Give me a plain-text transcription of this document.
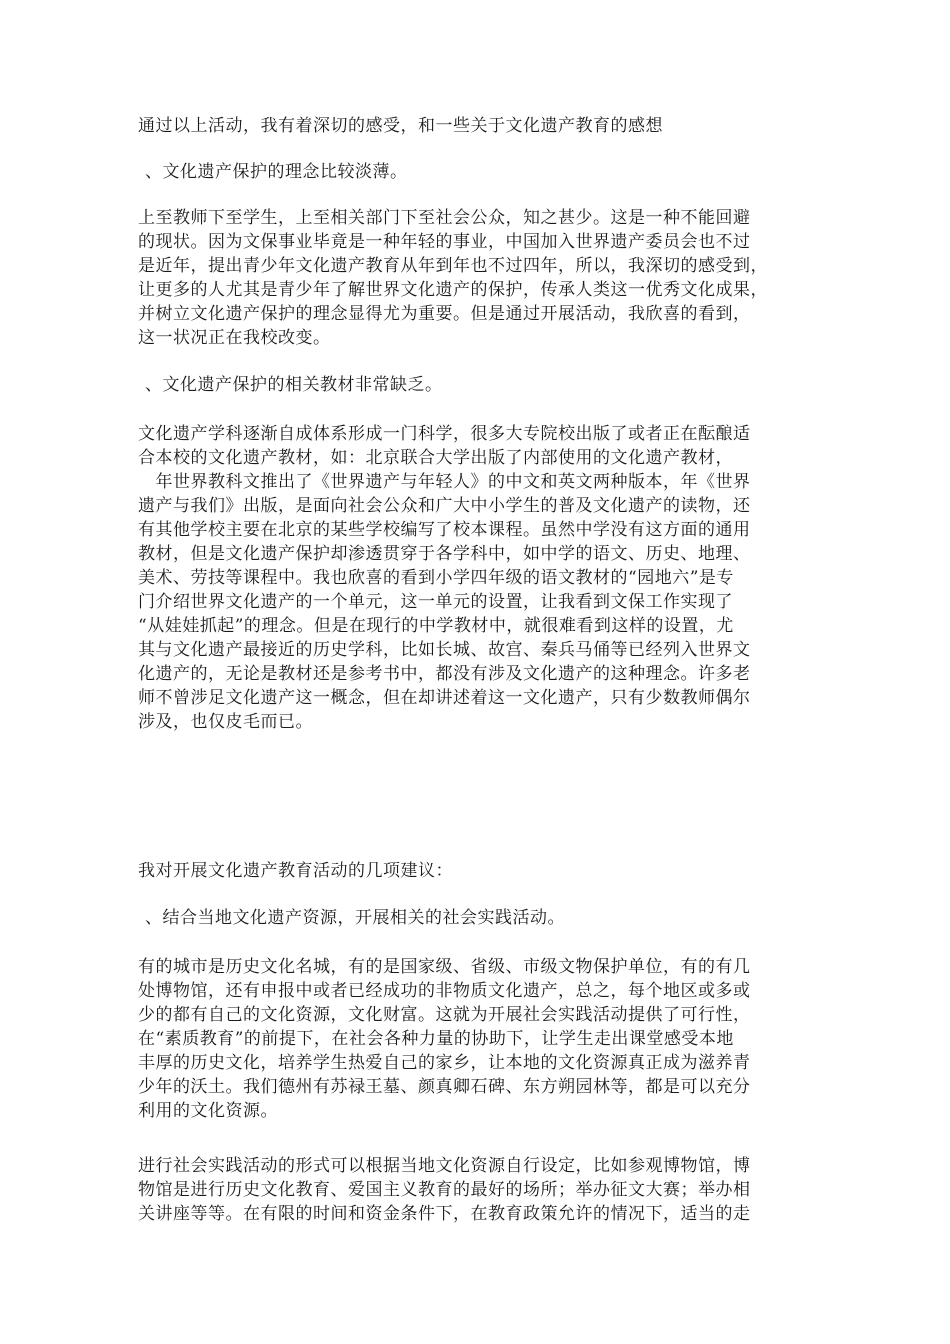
通过以上活动，我有着深切的感受，和一些关于文化遗产教育的感想
、文化遗产保护的理念比较淡薄。
上至教师下至学生，上至相关部门下至社会公众，知之甚少。这是一种不能回避
的现状。因为文保事业毕竟是一种年轻的事业，中国加入世界遗产委员会也不过
是近年，提出青少年文化遗产教育从年到年也不过四年，所以，我深切的感受到，
让更多的人尤其是青少年了解世界文化遗产的保护，传承人类这一优秀文化成果，
并树立文化遗产保护的理念显得尤为重要。但是通过开展活动，我欣喜的看到，
这一状况正在我校改变。
、文化遗产保护的相关教材非常缺乏。
文化遗产学科逐渐自成体系形成一门科学，很多大专院校出版了或者正在酝酿适
合本校的文化遗产教材，如：北京联合大学出版了内部使用的文化遗产教材，
　年世界教科文推出了《世界遗产与年轻人》的中文和英文两种版本，年《世界
遗产与我们》出版，是面向社会公众和广大中小学生的普及文化遗产的读物，还
有其他学校主要在北京的某些学校编写了校本课程。虽然中学没有这方面的通用
教材，但是文化遗产保护却渗透贯穿于各学科中，如中学的语文、历史、地理、
美术、劳技等课程中。我也欣喜的看到小学四年级的语文教材的“园地六”是专
门介绍世界文化遗产的一个单元，这一单元的设置，让我看到文保工作实现了
“从娃娃抓起”的理念。但是在现行的中学教材中，就很难看到这样的设置，尤
其与文化遗产最接近的历史学科，比如长城、故宫、秦兵马俑等已经列入世界文
化遗产的，无论是教材还是参考书中，都没有涉及文化遗产的这种理念。许多老
师不曾涉足文化遗产这一概念，但在却讲述着这一文化遗产，只有少数教师偶尔
涉及，也仅皮毛而已。
我对开展文化遗产教育活动的几项建议：
、结合当地文化遗产资源，开展相关的社会实践活动。
有的城市是历史文化名城，有的是国家级、省级、市级文物保护单位，有的有几
处博物馆，还有申报中或者已经成功的非物质文化遗产，总之，每个地区或多或
少的都有自己的文化资源，文化财富。这就为开展社会实践活动提供了可行性，
在“素质教育”的前提下，在社会各种力量的协助下，让学生走出课堂感受本地
丰厚的历史文化，培养学生热爱自己的家乡，让本地的文化资源真正成为滋养青
少年的沃土。我们德州有苏禄王墓、颜真卿石碑、东方朔园林等，都是可以充分
利用的文化资源。
进行社会实践活动的形式可以根据当地文化资源自行设定，比如参观博物馆，博
物馆是进行历史文化教育、爱国主义教育的最好的场所；举办征文大赛；举办相
关讲座等等。在有限的时间和资金条件下，在教育政策允许的情况下，适当的走
